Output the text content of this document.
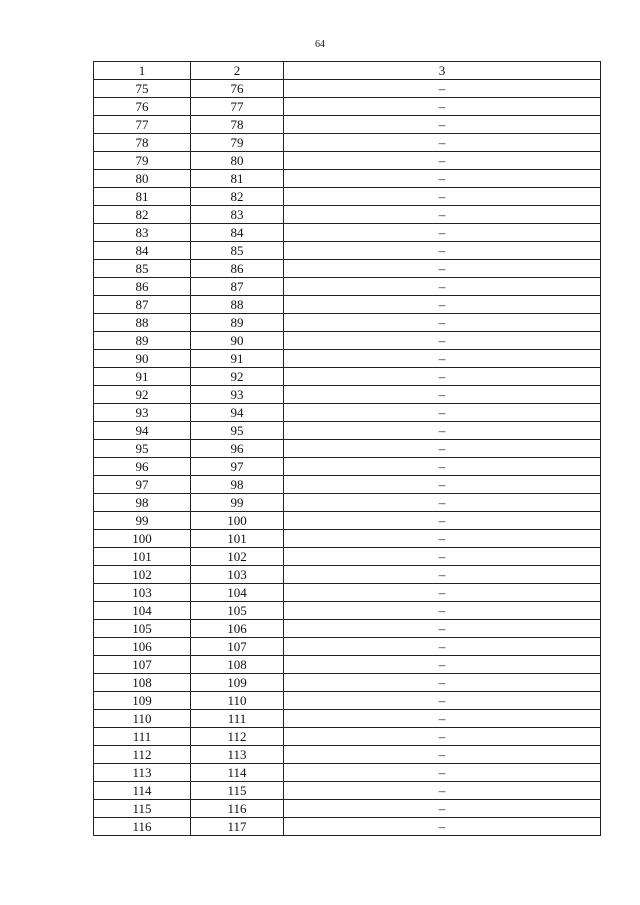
64
1	2	3
75	76	–
76	77	–
77	78	–
78	79	–
79	80	–
80	81	–
81	82	–
82	83	–
83	84	–
84	85	–
85	86	–
86	87	–
87	88	–
88	89	–
89	90	–
90	91	–
91	92	–
92	93	–
93	94	–
94	95	–
95	96	–
96	97	–
97	98	–
98	99	–
99	100	–
100	101	–
101	102	–
102	103	–
103	104	–
104	105	–
105	106	–
106	107	–
107	108	–
108	109	–
109	110	–
110	111	–
111	112	–
112	113	–
113	114	–
114	115	–
115	116	–
116	117	–
